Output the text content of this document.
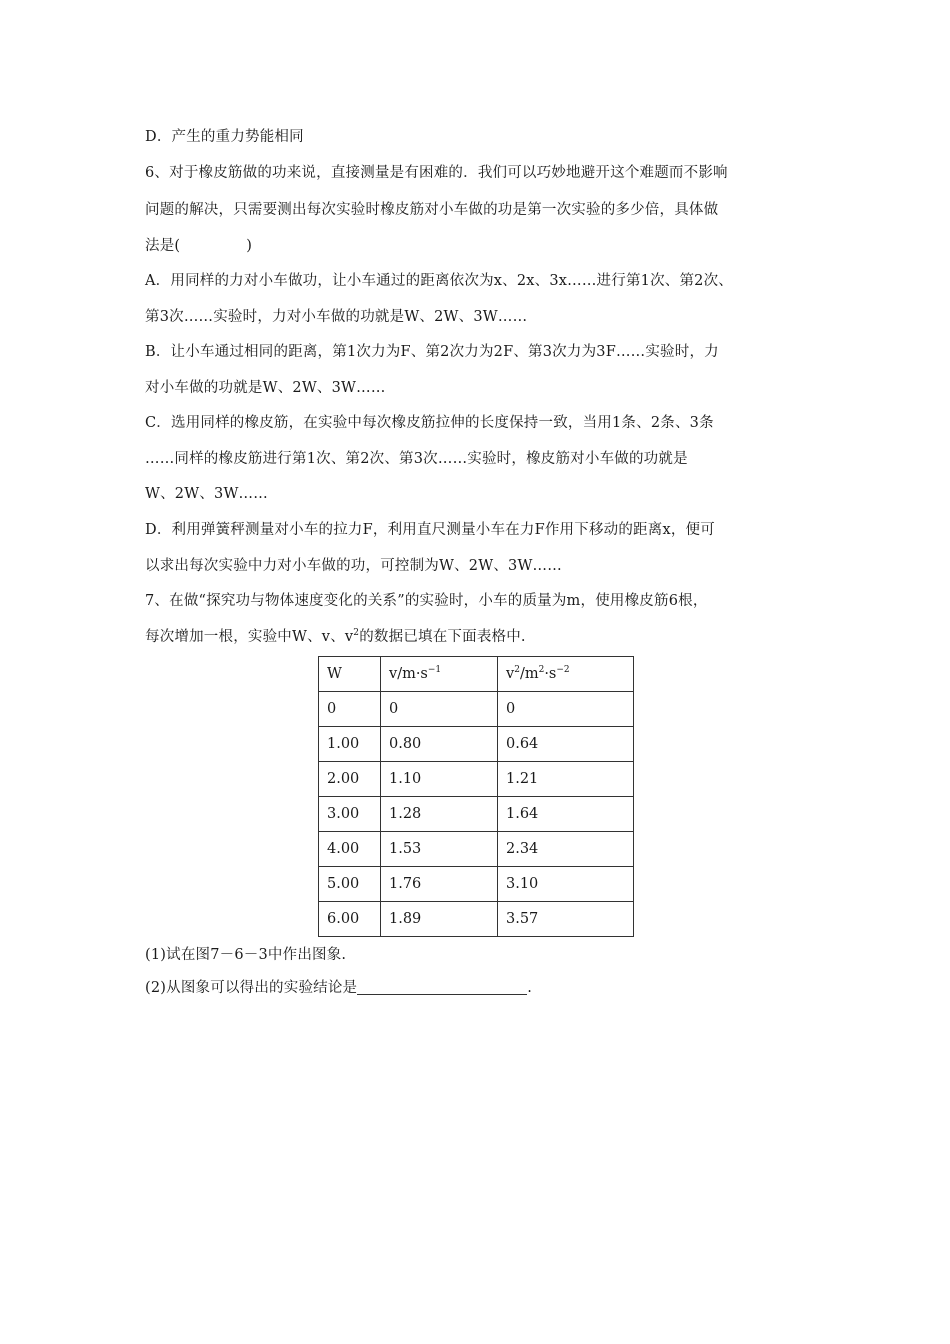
D．产生的重力势能相同
6、对于橡皮筋做的功来说，直接测量是有困难的．我们可以巧妙地避开这个难题而不影响
问题的解决，只需要测出每次实验时橡皮筋对小车做的功是第一次实验的多少倍，具体做
法是(	)
A．用同样的力对小车做功，让小车通过的距离依次为x、2x、3x……进行第1次、第2次、
第3次……实验时，力对小车做的功就是W、2W、3W……
B．让小车通过相同的距离，第1次力为F、第2次力为2F、第3次力为3F……实验时，力
对小车做的功就是W、2W、3W……
C．选用同样的橡皮筋，在实验中每次橡皮筋拉伸的长度保持一致，当用1条、2条、3条
……同样的橡皮筋进行第1次、第2次、第3次……实验时，橡皮筋对小车做的功就是
W、2W、3W……
D．利用弹簧秤测量对小车的拉力F，利用直尺测量小车在力F作用下移动的距离x，便可
以求出每次实验中力对小车做的功，可控制为W、2W、3W……
7、在做“探究功与物体速度变化的关系”的实验时，小车的质量为m，使用橡皮筋6根，
每次增加一根，实验中W、v、$v^2$的数据已填在下面表格中.
W	$v/m\cdot s^{-1}$	$v^2/m^2\cdot s^{-2}$
0	0	0
1.00	0.80	0.64
2.00	1.10	1.21
3.00	1.28	1.64
4.00	1.53	2.34
5.00	1.76	3.10
6.00	1.89	3.57
(1)试在图7－6－3中作出图象.
(2)从图象可以得出的实验结论是	.
